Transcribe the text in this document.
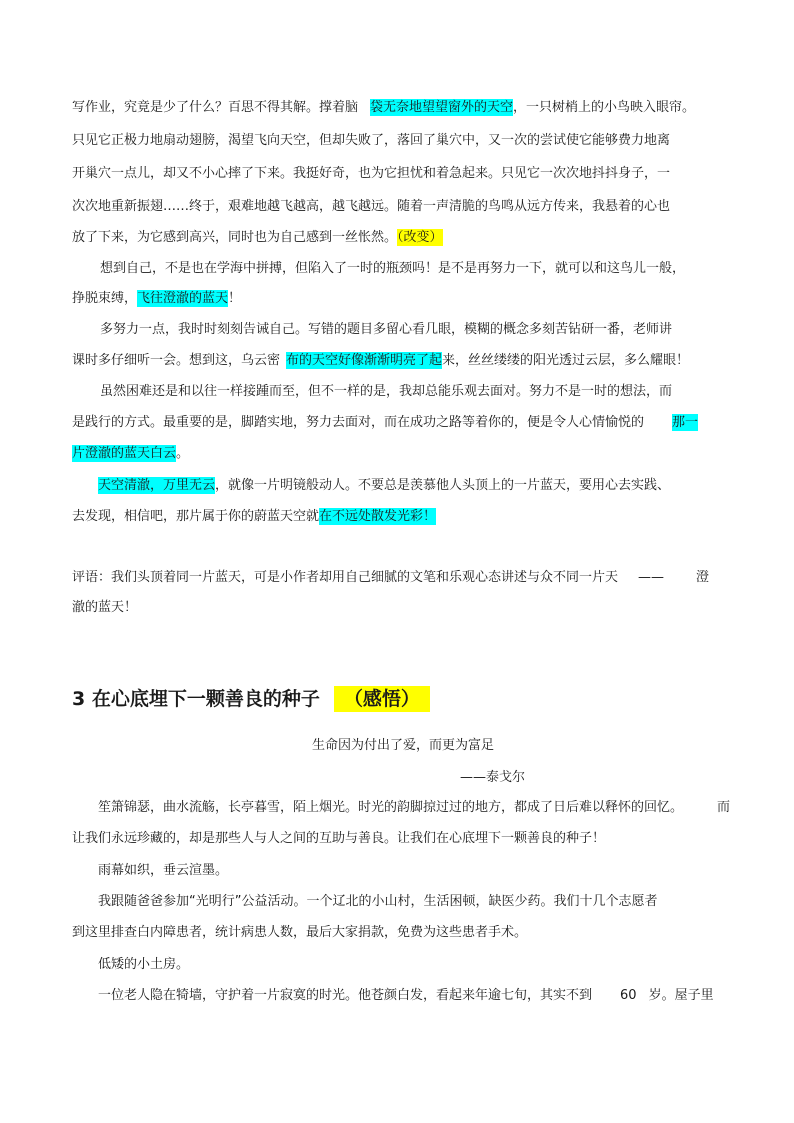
写作业，究竟是少了什么？百思不得其解。撑着脑 袋无奈地望望窗外的天空，一只树梢上的小鸟映入眼帘。
只见它正极力地扇动翅膀，渴望飞向天空，但却失败了，落回了巢穴中，又一次的尝试使它能够费力地离
开巢穴一点儿，却又不小心摔了下来。我挺好奇，也为它担忧和着急起来。只见它一次次地抖抖身子，一
次次地重新振翅……终于，艰难地越飞越高，越飞越远。随着一声清脆的鸟鸣从远方传来，我悬着的心也
放了下来，为它感到高兴，同时也为自己感到一丝怅然。（改变）
想到自己，不是也在学海中拼搏，但陷入了一时的瓶颈吗！是不是再努力一下，就可以和这鸟儿一般，
挣脱束缚，飞往澄澈的蓝天！
多努力一点，我时时刻刻告诫自己。写错的题目多留心看几眼，模糊的概念多刻苦钻研一番，老师讲
课时多仔细听一会。想到这，乌云密 布的天空好像渐渐明亮了起来，丝丝缕缕的阳光透过云层，多么耀眼！
虽然困难还是和以往一样接踵而至，但不一样的是，我却总能乐观去面对。努力不是一时的想法，而
是践行的方式。最重要的是，脚踏实地，努力去面对，而在成功之路等着你的，便是令人心情愉悦的 那一
片澄澈的蓝天白云。
天空清澈，万里无云，就像一片明镜般动人。不要总是羡慕他人头顶上的一片蓝天，要用心去实践、
去发现，相信吧，那片属于你的蔚蓝天空就在不远处散发光彩！
评语：我们头顶着同一片蓝天，可是小作者却用自己细腻的文笔和乐观心态讲述与众不同一片天 —— 澄
澈的蓝天！
3 在心底埋下一颗善良的种子 （感悟）
生命因为付出了爱，而更为富足
——泰戈尔
笙箫锦瑟，曲水流觞，长亭暮雪，陌上烟光。时光的韵脚掠过过的地方，都成了日后难以释怀的回忆。	而
让我们永远珍藏的，却是那些人与人之间的互助与善良。让我们在心底埋下一颗善良的种子！
雨幕如织，垂云渲墨。
我跟随爸爸参加“光明行”公益活动。一个辽北的小山村，生活困顿，缺医少药。我们十几个志愿者
到这里排查白内障患者，统计病患人数，最后大家捐款，免费为这些患者手术。
低矮的小土房。
一位老人隐在犄墙，守护着一片寂寞的时光。他苍颜白发，看起来年逾七旬，其实不到 60 岁。屋子里
